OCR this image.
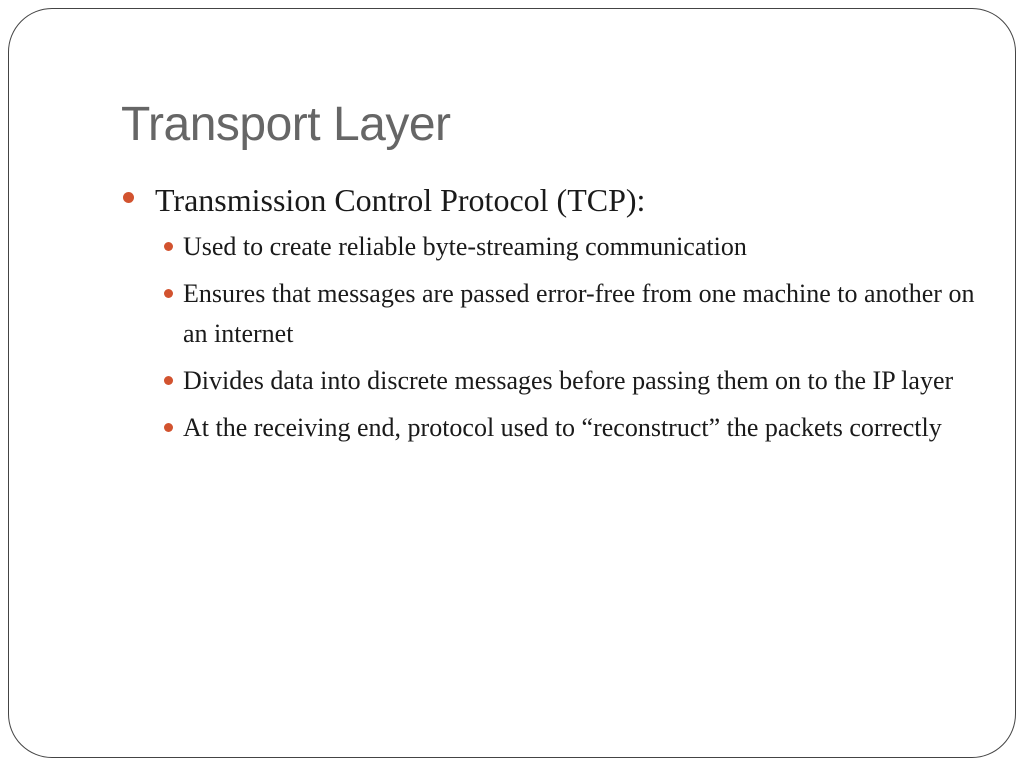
Transport Layer
Transmission Control Protocol (TCP):
Used to create reliable byte-streaming communication
Ensures that messages are passed error-free from one machine to another on an internet
Divides data into discrete messages before passing them on to the IP layer
At the receiving end, protocol used to “reconstruct” the packets correctly
